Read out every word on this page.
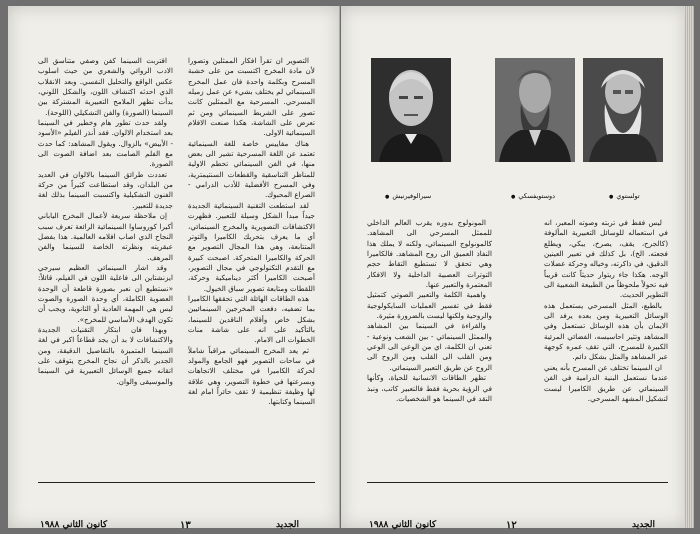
التصوير ان تقرأ افكار الممثلين وتصورا لأن مادة المخرج اكتسبت من على خشبة المسرح وبكلمة واحدة فان عمل المخرج السينمائي لم يختلف بشيء عن عمل زميله المسرحي. المسرحية مع الممثلين كانت تصور على الشريط السينمائي ومن ثم تعرض على الشاشة، هكذا صنعت الافلام السينمائية الاولى.

هناك مقاييس خاصة للغة السينمائية تعتمد عن اللغة المسرحية تشير الى بعض منها، في الفن السينمائي تحطم الاولية للمناظر التناسقية والقطعات السنتيمترية، وفي المسرح الأفضلية للأدب الدرامي - الصراع المحبوك.

لقد استطعت التقنية السينمائية الجديدة جيداً مبدأ الشكل وسيلة للتعبير. فظهرت الاكتشافات التصويرية والمخرج السينمائي، أي ما يعرف بتحريك الكاميرا والتوتر المتتابعة، وهي هذا المجال التصوير مع الحركة والكاميرا المتحركة. اصبحت كبيرة مع التقدم التكنولوجي في مجال التصوير، أصبحت الكاميرا أكثر ديناميكية وحركة، اللقطات ومتابعة تصوير سباق الخيول.

هذه الطاقات الهائلة التي تحققها الكاميرا بما تضفيه، دفعت المخرجين السينمائيين بشكل خاص وأقلام الناقدين للسينما، بالتأكيد على انه على شاشة منات الخطوات الى الامام.

ثم يعد المخرج السينمائي مراقباً شاملاً في ساحات التصوير فهو الجامع والمولد لحركة الكاميرا في مختلف الاتجاهات وبسرعتها في خطوة التصوير، وهي علاقة لها وظيفة تنظيمية لا تقف حائراً امام لغة السينما وكتابتها.

اقتربت السينما كفن وصفي متناسق الى الادب الروائي والشعري من حيث اسلوب عكس الواقع والتحليل النفسي. وبعد الانقلاب الذي احدثه اكتشاف اللون، والشكل اللوني، بدأت تظهر الملامح التعبيرية المشتركة بين السينما (الصورة) والفن التشكيلي (اللوحة).

ولقد حدث تطور هام وخطير في السينما بعد استخدام الالوان. فقد أنذر الفيلم «الأسود - الأبيض» بالزوال. ويقول المشاهد: كما حدث مع الفلم الصامت بعد اضافة الصوت الى الصورة.

تعددت طرائق السينما بالالوان في العديد من البلدان، وقد استطاعت كثيراً من حركة الفنون التشكيلية واكتسبت السينما بذلك لغة جديدة للتعبير.

إن ملاحظة سريعة لأعمال المخرج الياباني أكيرا كوروساوا السينمائية الرائعة تعرف سبب النجاح الذي اصاب افلامه العالمية. هذا بفضل عبقريته ونظرته الخاصة للسينما والفن المرهف.

وقد اشار السينمائي العظيم سيرجي ايزنشتاين الى فاعلية اللون في الفيلم، قائلاً: «نستطيع أن نعبر بصورة قاطعة أن الوحدة العضوية الكاملة، أي وحدة الصورة والصوت ليس هي المهمة العادية أو الثانوية، ويجب أن تكون الهدف الأساسي للمخرج».

وبهذا فان ابتكار التقنيات الجديدة والاكتشافات لا بد أن يجد قطاعاً اكبر في لغة السينما المتميزة بالتفاصيل الدقيقة، ومن الجدير بالذكر أن نجاح المخرج يتوقف على اتقانه جميع الوسائل التعبيرية في السينما والموسيقى والوان.

الجديد
١٣
كانون الثاني ١٩٨٨
تولستوي ●
دوستويفسكي ●
سيرالوفيرنيش ●

ليس فقط في تربته وصوته المعبر، انه في استعماله للوسائل التعبيرية المألوفة (كالجرح، يقف، يصرخ، يبكي، ويطلع فجعته. الخ)، بل كذلك في تعبير العينين الدقيق، في ذاكرته، وخياله وحركة عضلات الوجه. هكذا جاء ريتوار حديثاً كانت قريباً فيه تحولاً ملحوظاً من الطبيعة الشعبية الى التطوير الحديث.

بالطبع، المثل المسرحي يستعمل هذه الوسائل التعبيرية ومن بعده يرفد الى الايمان بأن هذه الوسائل تستعمل وفي المشاهد وتثير احاسيسه، الفضائي المرئية الكبيرة للمسرح، التي تقف عمره كوجهة عبر المشاهد والمثل بشكل دائم.

ان السينما تختلف عن المسرح بأنه يعني عندما نستعمل البنية الدرامية في الفن السينمائي عن طريق الكاميرا ليست لتشكيل المشهد المسرحي.

المونولوج بدوره يقرب العالم الداخلي للممثل المسرحي الى المشاهد. كالمونولوج السينمائي، ولكنه لا يملك هذا النفاذ العميق الى روح المشاهد. فالكاميرا وهي تحقق لا تستطيع التقاط حجم التوترات العصبية الداخلية ولا الافكار المعتمرة والتعبير عنها.

واهمية الكلمة والتعبير الصوتي كتمثيل فقط في تفسير العمليات السايكولوجية والروحية ولكنها ليست بالضرورة مثيرة.

والقراءة في السينما بين المشاهد والممثل السينمائي - بين الشعب ونوعية - تعني ان الكلمة، اي من الوعي الى الوعي ومن القلب الى القلب ومن الروح الى الروح عن طريق التعبير السينمائي.

تظهر الطاقات الانسانية للحياة، وكأنها في الرؤية بحرية فقط فالتعبير كاتب، ونبذ النقد في السينما هو الشخصيات.

كانون الثاني ١٩٨٨	١٢	الجديد
